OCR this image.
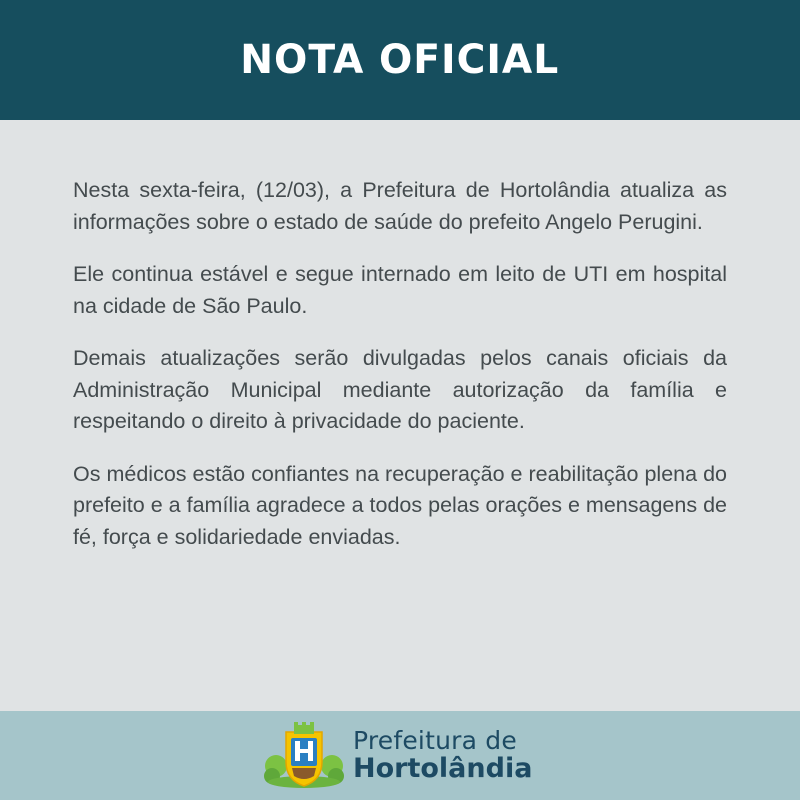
NOTA OFICIAL

Nesta sexta-feira, (12/03), a Prefeitura de Hortolândia atualiza as informações sobre o estado de saúde do prefeito Angelo Perugini.

Ele continua estável e segue internado em leito de UTI em hospital na cidade de São Paulo.

Demais atualizações serão divulgadas pelos canais oficiais da Administração Municipal mediante autorização da família e respeitando o direito à privacidade do paciente.

Os médicos estão confiantes na recuperação e reabilitação plena do prefeito e a família agradece a todos pelas orações e mensagens de fé, força e solidariedade enviadas.

Prefeitura de
Hortolândia
